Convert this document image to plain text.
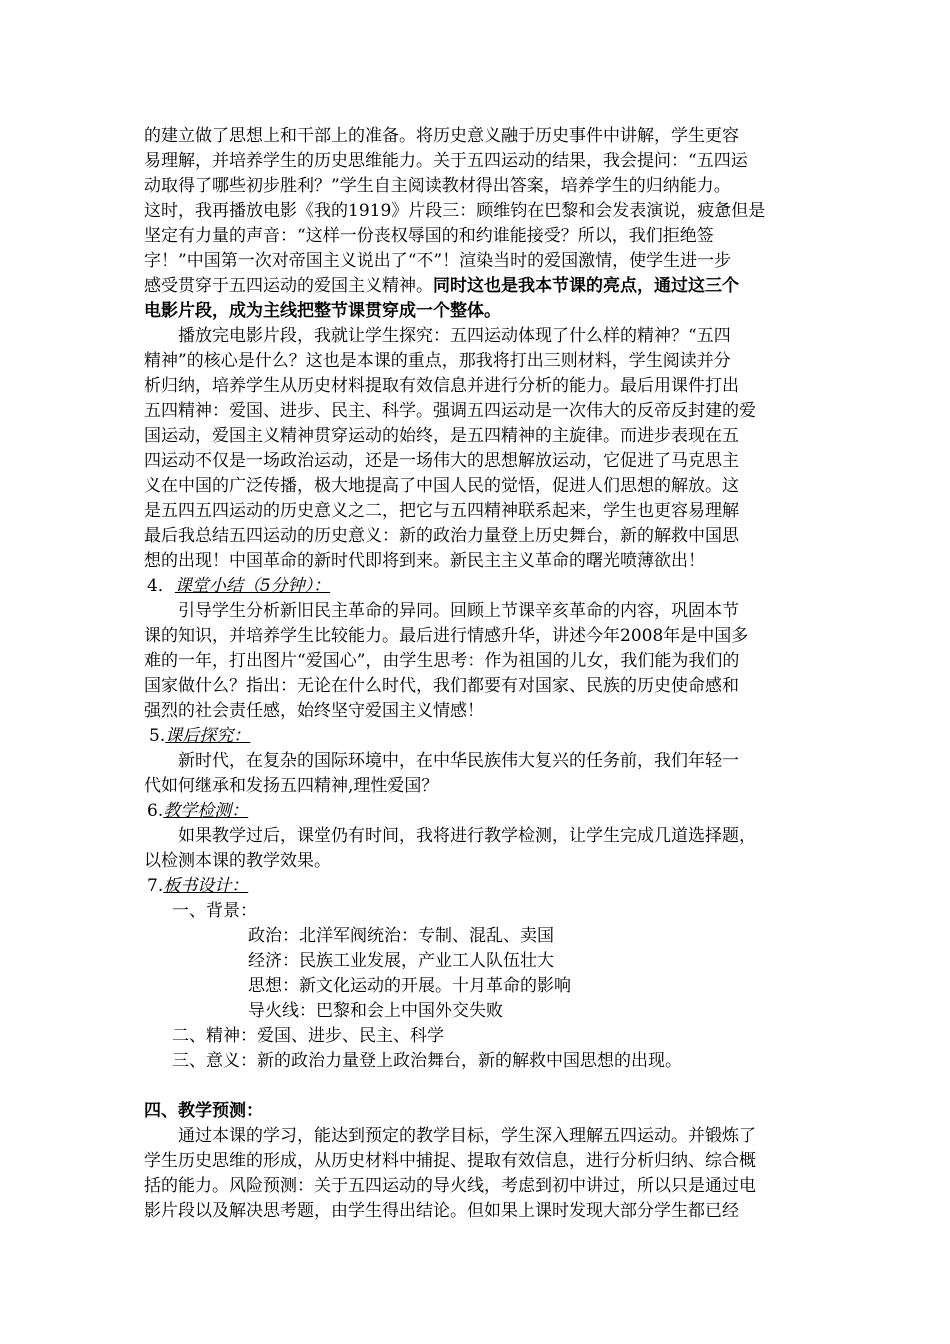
的建立做了思想上和干部上的准备。将历史意义融于历史事件中讲解，学生更容
易理解，并培养学生的历史思维能力。关于五四运动的结果，我会提问：“五四运
动取得了哪些初步胜利？”学生自主阅读教材得出答案，培养学生的归纳能力。
这时，我再播放电影《我的1919》片段三：顾维钧在巴黎和会发表演说，疲惫但是
坚定有力量的声音：“这样一份丧权辱国的和约谁能接受？所以，我们拒绝签
字！”中国第一次对帝国主义说出了“不”！渲染当时的爱国激情，使学生进一步
感受贯穿于五四运动的爱国主义精神。同时这也是我本节课的亮点，通过这三个
电影片段，成为主线把整节课贯穿成一个整体。
播放完电影片段，我就让学生探究：五四运动体现了什么样的精神？“五四
精神”的核心是什么？这也是本课的重点，那我将打出三则材料，学生阅读并分
析归纳，培养学生从历史材料提取有效信息并进行分析的能力。最后用课件打出
五四精神：爱国、进步、民主、科学。强调五四运动是一次伟大的反帝反封建的爱
国运动，爱国主义精神贯穿运动的始终，是五四精神的主旋律。而进步表现在五
四运动不仅是一场政治运动，还是一场伟大的思想解放运动，它促进了马克思主
义在中国的广泛传播，极大地提高了中国人民的觉悟，促进人们思想的解放。这
是五四五四运动的历史意义之二，把它与五四精神联系起来，学生也更容易理解
最后我总结五四运动的历史意义：新的政治力量登上历史舞台，新的解救中国思
想的出现！中国革命的新时代即将到来。新民主主义革命的曙光喷薄欲出！
4．课堂小结（5分钟）：
引导学生分析新旧民主革命的异同。回顾上节课辛亥革命的内容，巩固本节
课的知识，并培养学生比较能力。最后进行情感升华，讲述今年2008年是中国多
难的一年，打出图片“爱国心”，由学生思考：作为祖国的儿女，我们能为我们的
国家做什么？指出：无论在什么时代，我们都要有对国家、民族的历史使命感和
强烈的社会责任感，始终坚守爱国主义情感！
5.课后探究：
新时代，在复杂的国际环境中，在中华民族伟大复兴的任务前，我们年轻一
代如何继承和发扬五四精神,理性爱国？
6.教学检测：
如果教学过后，课堂仍有时间，我将进行教学检测，让学生完成几道选择题，
以检测本课的教学效果。
7.板书设计：
一、背景：
政治：北洋军阀统治：专制、混乱、卖国
经济：民族工业发展，产业工人队伍壮大
思想：新文化运动的开展。十月革命的影响
导火线：巴黎和会上中国外交失败
二、精神：爱国、进步、民主、科学
三、意义：新的政治力量登上政治舞台，新的解救中国思想的出现。
四、教学预测：
通过本课的学习，能达到预定的教学目标，学生深入理解五四运动。并锻炼了
学生历史思维的形成，从历史材料中捕捉、提取有效信息，进行分析归纳、综合概
括的能力。风险预测：关于五四运动的导火线，考虑到初中讲过，所以只是通过电
影片段以及解决思考题，由学生得出结论。但如果上课时发现大部分学生都已经
